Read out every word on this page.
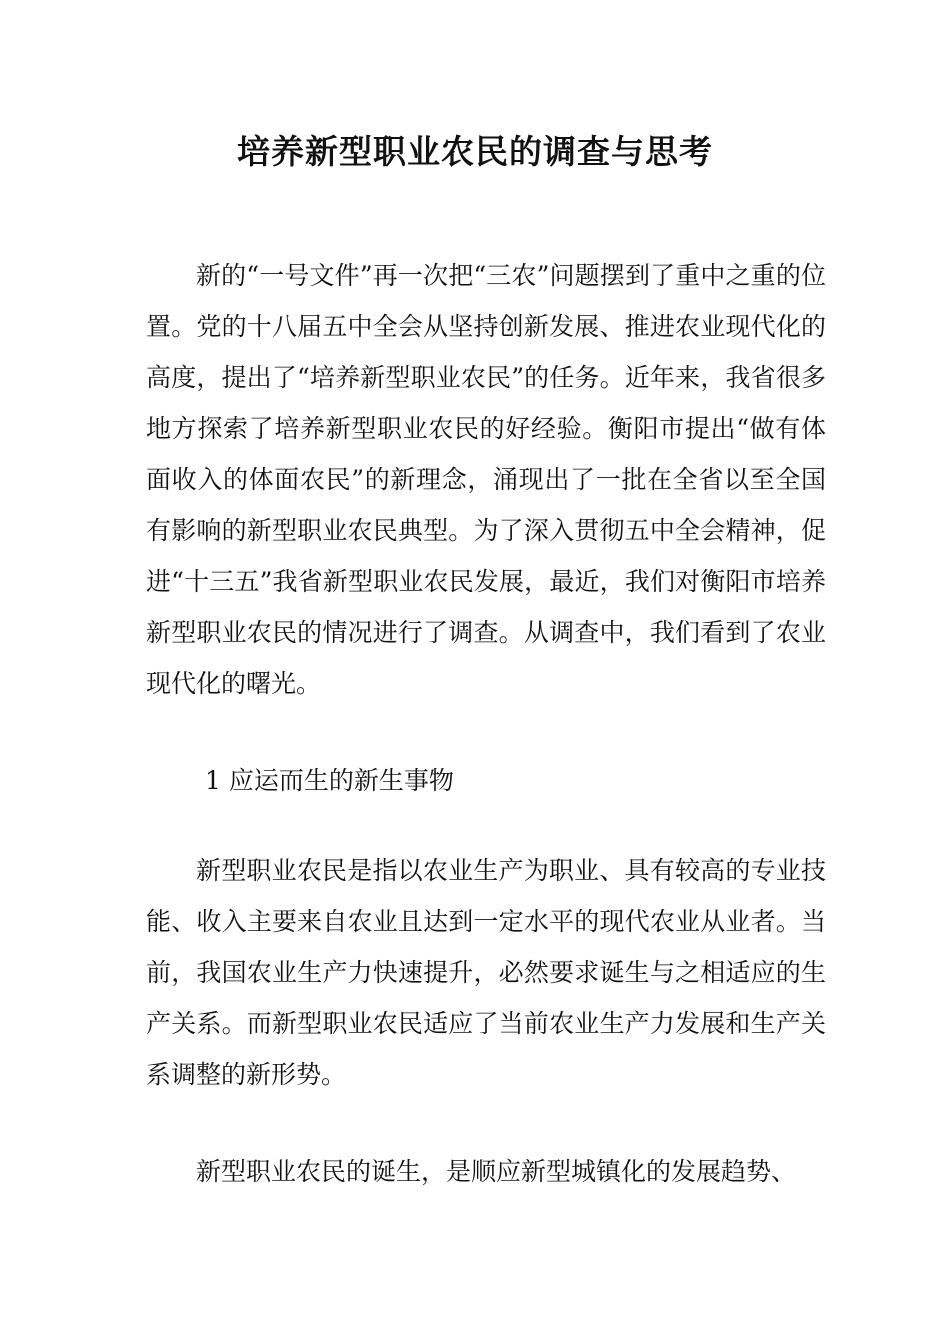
培养新型职业农民的调查与思考

新的“一号文件”再一次把“三农”问题摆到了重中之重的位置。党的十八届五中全会从坚持创新发展、推进农业现代化的高度，提出了“培养新型职业农民”的任务。近年来，我省很多地方探索了培养新型职业农民的好经验。衡阳市提出“做有体面收入的体面农民”的新理念，涌现出了一批在全省以至全国有影响的新型职业农民典型。为了深入贯彻五中全会精神，促进“十三五”我省新型职业农民发展，最近，我们对衡阳市培养新型职业农民的情况进行了调查。从调查中，我们看到了农业现代化的曙光。

1 应运而生的新生事物

新型职业农民是指以农业生产为职业、具有较高的专业技能、收入主要来自农业且达到一定水平的现代农业从业者。当前，我国农业生产力快速提升，必然要求诞生与之相适应的生产关系。而新型职业农民适应了当前农业生产力发展和生产关系调整的新形势。

新型职业农民的诞生，是顺应新型城镇化的发展趋势、
